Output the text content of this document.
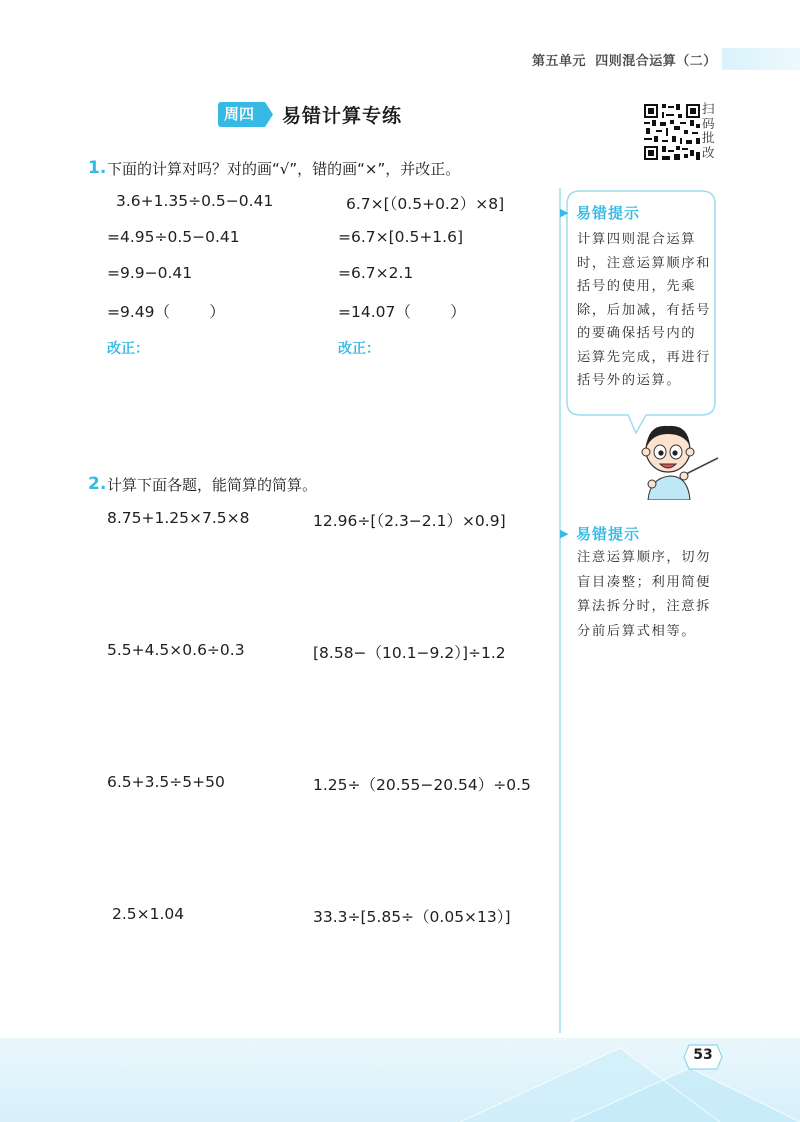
第五单元 四则混合运算（二）
周四	易错计算专练	扫
码
批
改
1. 下面的计算对吗？对的画“√”，错的画“×”，并改正。
3.6+1.35÷0.5−0.41
=4.95÷0.5−0.41
=9.9−0.41
=9.49（        ）
改正：
6.7×[（0.5+0.2）×8]
=6.7×[0.5+1.6]
=6.7×2.1
=14.07（        ）
改正：
2. 计算下面各题，能简算的简算。
8.75+1.25×7.5×8
5.5+4.5×0.6÷0.3
6.5+3.5÷5+50
2.5×1.04
12.96÷[（2.3−2.1）×0.9]
[8.58−（10.1−9.2）]÷1.2
1.25÷（20.55−20.54）÷0.5
33.3÷[5.85÷（0.05×13）]
▶ 易错提示
计算四则混合运算
时，注意运算顺序和
括号的使用，先乘
除，后加减，有括号
的要确保括号内的
运算先完成，再进行
括号外的运算。
▶ 易错提示
注意运算顺序，切勿
盲目凑整；利用简便
算法拆分时，注意拆
分前后算式相等。
53
